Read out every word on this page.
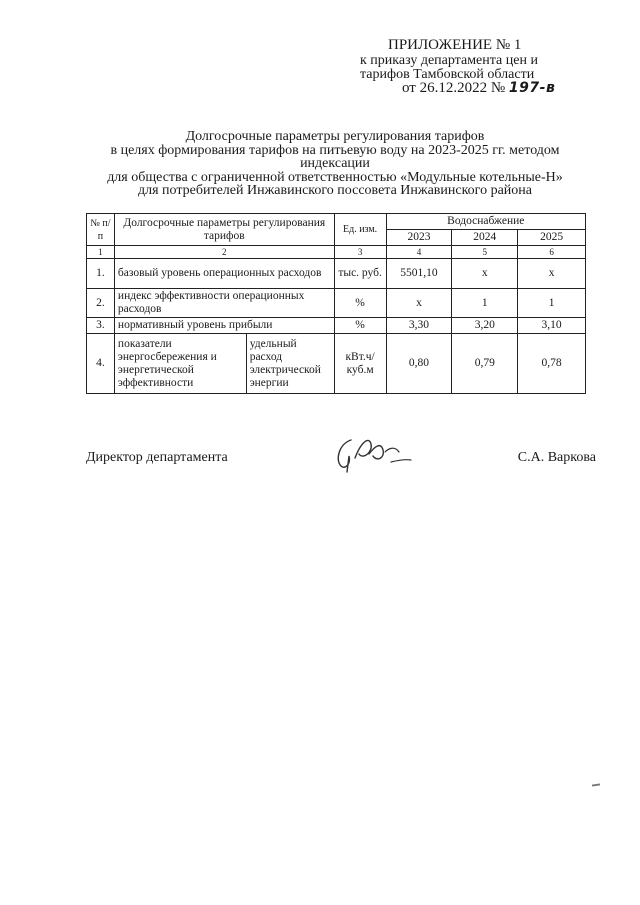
ПРИЛОЖЕНИЕ № 1
к приказу департамента цен и
тарифов Тамбовской области
от 26.12.2022 № 197-в
Долгосрочные параметры регулирования тарифов
в целях формирования тарифов на питьевую воду на 2023-2025 гг. методом
индексации
для общества с ограниченной ответственностью «Модульные котельные-Н»
для потребителей Инжавинского поссовета Инжавинского района
№ п/п	Долгосрочные параметры регулирования тарифов		Ед. изм.	Водоснабжение		
				2023	2024	2025
1	2		3	4	5	6
1.	базовый уровень операционных расходов		тыс. руб.	5501,10	х	х
2.	индекс эффективности операционных расходов		%	х	1	1
3.	нормативный уровень прибыли		%	3,30	3,20	3,10
4.	показатели энергосбережения и энергетической эффективности	удельный расход электрической энергии	кВт.ч/ куб.м	0,80	0,79	0,78
Директор департамента	С.А. Варкова
